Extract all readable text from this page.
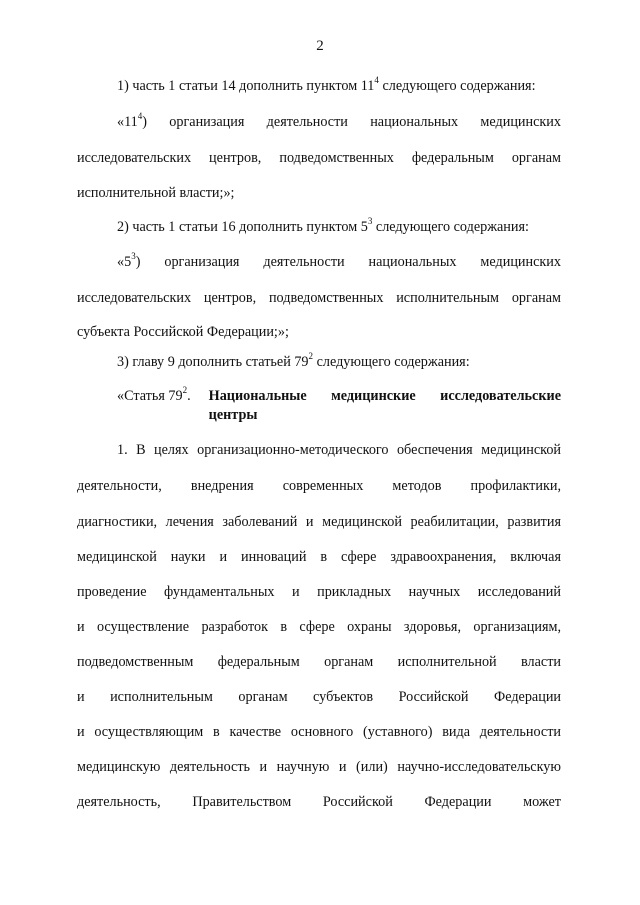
2
1) часть 1 статьи 14 дополнить пунктом $11^4$ следующего содержания:
«$11^4$) организация деятельности национальных медицинских
исследовательских центров, подведомственных федеральным органам
исполнительной власти;»;
2) часть 1 статьи 16 дополнить пунктом $5^3$ следующего содержания:
«$5^3$) организация деятельности национальных медицинских
исследовательских центров, подведомственных исполнительным органам
субъекта Российской Федерации;»;
3) главу 9 дополнить статьей $79^2$ следующего содержания:
«Статья $79^2$.	Национальные медицинские исследовательские
центры
1. В целях организационно-методического обеспечения медицинской
деятельности, внедрения современных методов профилактики,
диагностики, лечения заболеваний и медицинской реабилитации, развития
медицинской науки и инноваций в сфере здравоохранения, включая
проведение фундаментальных и прикладных научных исследований
и осуществление разработок в сфере охраны здоровья, организациям,
подведомственным федеральным органам исполнительной власти
и исполнительным органам субъектов Российской Федерации
и осуществляющим в качестве основного (уставного) вида деятельности
медицинскую деятельность и научную и (или) научно-исследовательскую
деятельность, Правительством Российской Федерации может
